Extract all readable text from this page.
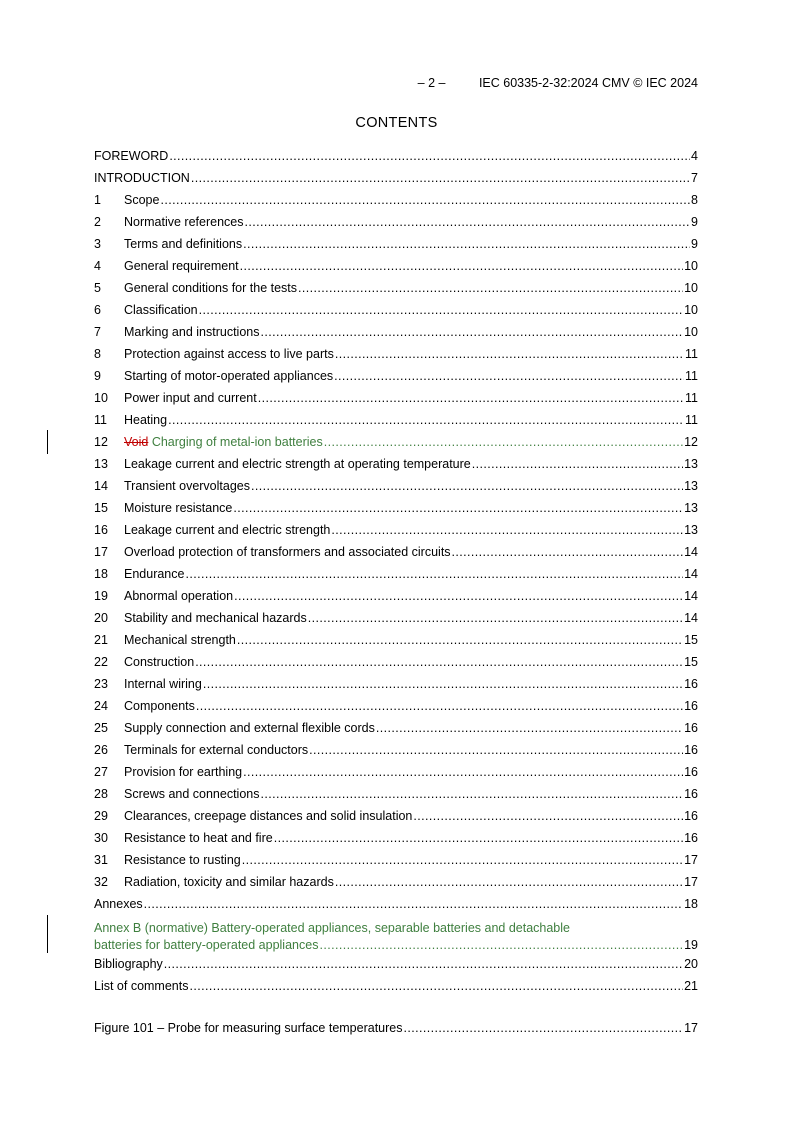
– 2 –	IEC 60335-2-32:2024 CMV © IEC 2024
CONTENTS
FOREWORD .....	4
INTRODUCTION .....	7
1	Scope .....	8
2	Normative references .....	9
3	Terms and definitions .....	9
4	General requirement .....	10
5	General conditions for the tests .....	10
6	Classification .....	10
7	Marking and instructions .....	10
8	Protection against access to live parts .....	11
9	Starting of motor-operated appliances .....	11
10	Power input and current .....	11
11	Heating .....	11
12	Void Charging of metal-ion batteries .....	12
13	Leakage current and electric strength at operating temperature .....	13
14	Transient overvoltages .....	13
15	Moisture resistance .....	13
16	Leakage current and electric strength .....	13
17	Overload protection of transformers and associated circuits .....	14
18	Endurance .....	14
19	Abnormal operation .....	14
20	Stability and mechanical hazards .....	14
21	Mechanical strength .....	15
22	Construction .....	15
23	Internal wiring .....	16
24	Components .....	16
25	Supply connection and external flexible cords .....	16
26	Terminals for external conductors .....	16
27	Provision for earthing .....	16
28	Screws and connections .....	16
29	Clearances, creepage distances and solid insulation .....	16
30	Resistance to heat and fire .....	16
31	Resistance to rusting .....	17
32	Radiation, toxicity and similar hazards .....	17
Annexes .....	18
Annex B (normative) Battery-operated appliances, separable batteries and detachable
batteries for battery-operated appliances .....	19
Bibliography .....	20
List of comments .....	21
Figure 101 – Probe for measuring surface temperatures .....	17
